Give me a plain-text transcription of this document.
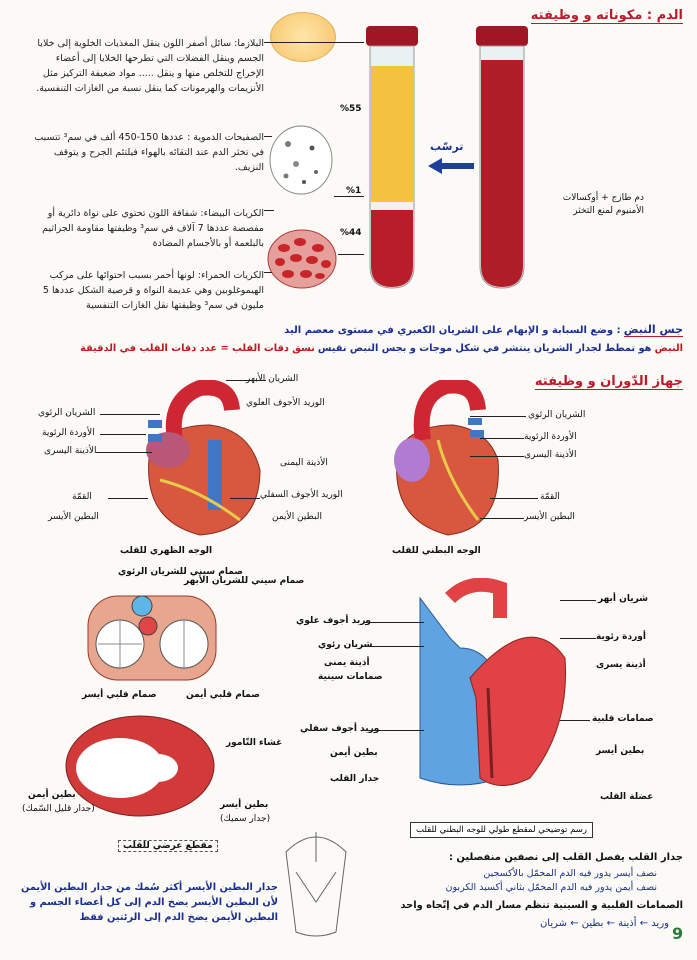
الدم : مكوناته و وظيفته
البلازما: سائل أصفر اللون ينقل المغذيات الخلوية إلى خلايا الجسم وينقل الفضلات التي تطرحها الخلايا إلى أعضاء الإخراج للتخلص منها و ينقل ..... مواد ضعيفة التركيز مثل الأنزيمات والهرمونات كما ينقل نسبة من الغازات التنفسية.
الصفيحات الدموية : عددها 150-450 ألف في سم³ تتسبب في تخثر الدم عند التقائه بالهواء فيلتئم الجرح و يتوقف النزيف.
الكريات البيضاء: شفافة اللون تحتوي على نواة دائرية أو مفصصة عددها 7 آلاف في سم³ وظيفتها مقاومة الجراثيم بالبلعمة أو بالأجسام المضادة
الكريات الحمراء: لونها أحمر بسبب احتوائها على مركب الهيموغلوبين وهي عديمة النواة و قرصية الشكل عددها 5 مليون في سم³ وظيفتها نقل الغازات التنفسية
%55
%1
%44
ترسّب
دم طازج + أوكسالات الأمنيوم لمنع التخثر
جس النبض : وضع السبابة و الإبهام على الشريان الكعبري في مستوى معصم اليد
النبض هو تمطط لجدار الشريان ينتشر في شكل موجات و بجس النبض نقيس نسق دقات القلب = عدد دقات القلب في الدقيقة
جهاز الدّوران و وظيفته
الشريان الأبهر
الوريد الأجوف العلوي
الشريان الرئوي
الأوردة الرئوية
الأذينة اليسرى
الأذينة اليمنى
القمّة	الوريد الأجوف السفلي
البطين الأيسر	البطين الأيمن
الوجه الظهري للقلب
الشريان الرئوي
الأوردة الرئوية
الأذينة اليسرى
القمّة
البطين الأيسر
الوجه البطني للقلب
صمام سيني للشريان الرئوي
صمام سيني للشريان الأبهر
صمام قلبي أيسر	صمام قلبي أيمن
غشاء التّامور
بطين أيمن
(جدار قليل السّمك)	بطين أيسر
(جدار سميك)
مقطع عرضي للقلب
وريد أجوف علوي
شريان رئوي
أذينة يمنى
صمامات سينية
وريد أجوف سفلي
بطين أيمن
جدار القلب
شريان أبهر
أوردة رئوية
أذينة يسرى
صمامات قلبية
بطين أيسر
عضلة القلب
رسم توضيحي لمقطع طولي للوجه البطني للقلب
جدار القلب يفصل القلب إلى نصفين منفصلين :
نصف أيسر يدور فيه الدم المحمّل بالأكسجين
نصف أيمن يدور فيه الدم المحمّل بثاني أكسيد الكربون
الصمامات القلبية و السينية تنظم مسار الدم في إتّجاه واحد
وريد ← أذينة ← بطين ← شريان
9
جدار البطين الأيسر أكثر سُمك من جدار البطين الأيمن لأن البطين الأيسر يضخ الدم إلى كل أعضاء الجسم و البطين الأيمن يضخ الدم إلى الرئتين فقط
